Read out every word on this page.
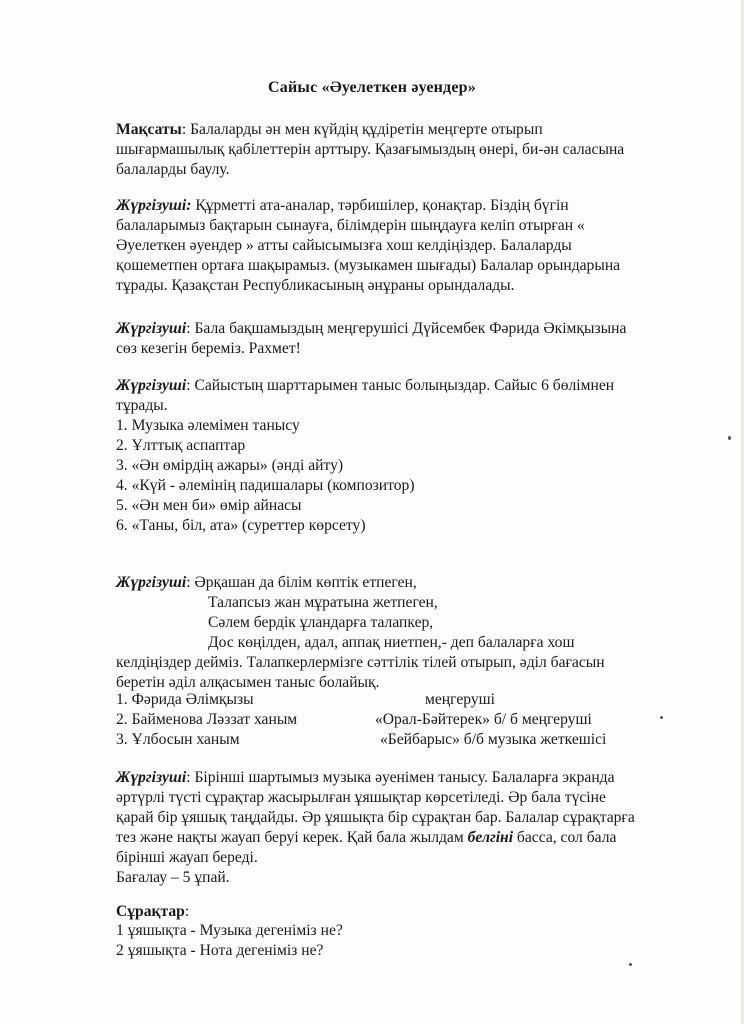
Сайыс «Әуелеткен әуендер»
Мақсаты: Балаларды ән мен күйдің құдіретін меңгерте отырып
шығармашылық қабілеттерін арттыру. Қазағымыздың өнері, би-ән саласына
балаларды баулу.
Жүргізуші: Құрметті ата-аналар, тәрбишілер, қонақтар. Біздің бүгін
балаларымыз бақтарын сынауға, білімдерін шыңдауға келіп отырған «
Әуелеткен әуендер » атты сайысымызға хош келдіңіздер. Балаларды
қошеметпен ортаға шақырамыз. (музыкамен шығады) Балалар орындарына
тұрады. Қазақстан Республикасының әнұраны орындалады.
Жүргізуші: Бала бақшамыздың меңгерушісі Дүйсембек Фәрида Әкімқызына
сөз кезегін береміз. Рахмет!
Жүргізуші: Сайыстың шарттарымен таныс болыңыздар. Сайыс 6 бөлімнен
тұрады.
1. Музыка әлемімен танысу
2. Ұлттық аспаптар
3. «Ән өмірдің ажары» (әнді айту)
4. «Күй - әлемінің падишалары (композитор)
5. «Ән мен би» өмір айнасы
6. «Таны, біл, ата» (суреттер көрсету)
Жүргізуші: Әрқашан да білім көптік етпеген,
Талапсыз жан мұратына жетпеген,
Сәлем бердік ұландарға талапкер,
Дос көңілден, адал, аппақ ниетпен,- деп балаларға хош
келдіңіздер дейміз. Талапкерлермізге сәттілік тілей отырып, әділ бағасын
беретін әділ алқасымен таныс болайық.
1. Фәрида Әлімқызы	меңгеруші
2. Байменова Ләззат ханым	«Орал-Бәйтерек» б/ б меңгеруші
3. Ұлбосын ханым	«Бейбарыс» б/б музыка жеткешісі
Жүргізуші: Бірінші шартымыз музыка әуенімен танысу. Балаларға экранда
әртүрлі түсті сұрақтар жасырылған ұяшықтар көрсетіледі. Әр бала түсіне
қарай бір ұяшық таңдайды. Әр ұяшықта бір сұрақтан бар. Балалар сұрақтарға
тез және нақты жауап беруі керек. Қай бала жылдам белгіні басса, сол бала
бірінші жауап береді.
Бағалау – 5 ұпай.
Сұрақтар:
1 ұяшықта - Музыка дегеніміз не?
2 ұяшықта - Нота дегеніміз не?
